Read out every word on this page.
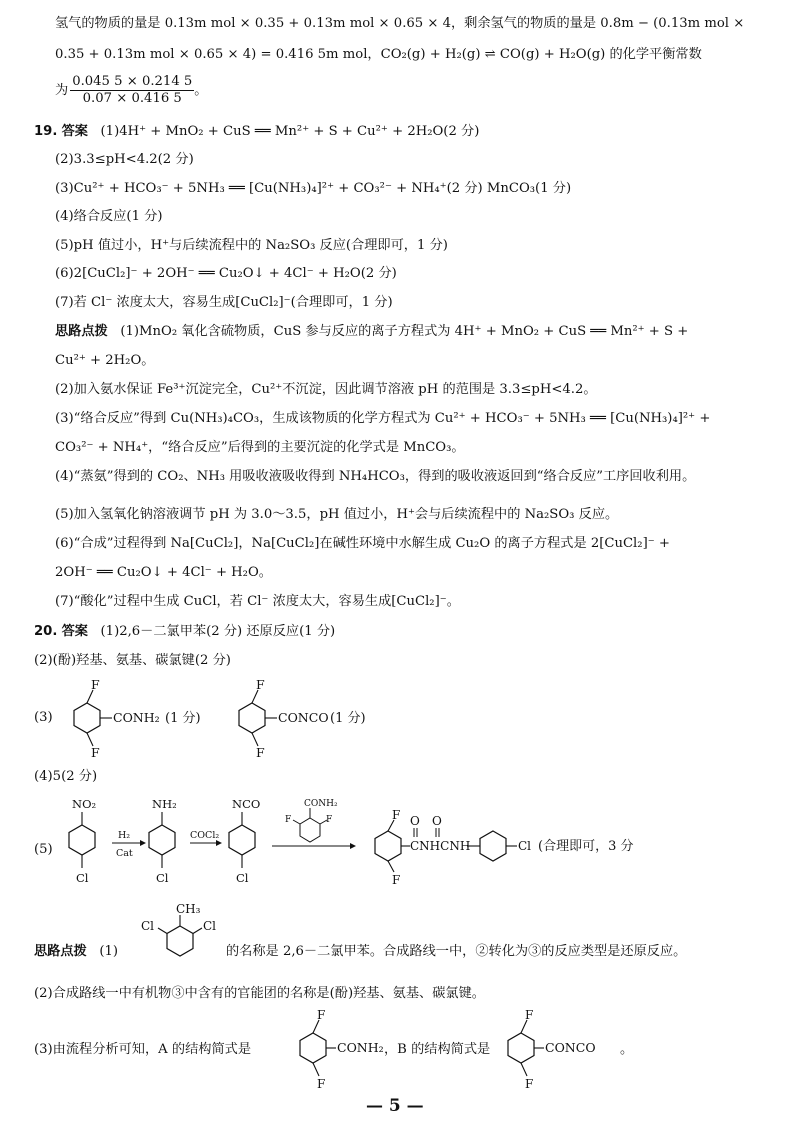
氢气的物质的量是 0.13m mol × 0.35 + 0.13m mol × 0.65 × 4，剩余氢气的物质的量是 0.8m − (0.13m mol ×
0.35 + 0.13m mol × 0.65 × 4) = 0.416 5m mol，CO₂(g) + H₂(g) ⇌ CO(g) + H₂O(g) 的化学平衡常数
为 $\frac{0.045 5 \times 0.214 5}{0.07 \times 0.416 5}$ 。
19. 答案 (1)4H⁺ + MnO₂ + CuS ══ Mn²⁺ + S + Cu²⁺ + 2H₂O(2 分)
(2)3.3≤pH<4.2(2 分)
(3)Cu²⁺ + HCO₃⁻ + 5NH₃ ══ [Cu(NH₃)₄]²⁺ + CO₃²⁻ + NH₄⁺(2 分) MnCO₃(1 分)
(4)络合反应(1 分)
(5)pH 值过小，H⁺与后续流程中的 Na₂SO₃ 反应(合理即可，1 分)
(6)2[CuCl₂]⁻ + 2OH⁻ ══ Cu₂O↓ + 4Cl⁻ + H₂O(2 分)
(7)若 Cl⁻ 浓度太大，容易生成[CuCl₂]⁻(合理即可，1 分)
思路点拨 (1)MnO₂ 氧化含硫物质，CuS 参与反应的离子方程式为 4H⁺ + MnO₂ + CuS ══ Mn²⁺ + S +
Cu²⁺ + 2H₂O。
(2)加入氨水保证 Fe³⁺沉淀完全，Cu²⁺不沉淀，因此调节溶液 pH 的范围是 3.3≤pH<4.2。
(3)“络合反应”得到 Cu(NH₃)₄CO₃，生成该物质的化学方程式为 Cu²⁺ + HCO₃⁻ + 5NH₃ ══ [Cu(NH₃)₄]²⁺ +
CO₃²⁻ + NH₄⁺，“络合反应”后得到的主要沉淀的化学式是 MnCO₃。
(4)“蒸氨”得到的 CO₂、NH₃ 用吸收液吸收得到 NH₄HCO₃，得到的吸收液返回到“络合反应”工序回收利用。
(5)加入氢氧化钠溶液调节 pH 为 3.0～3.5，pH 值过小，H⁺会与后续流程中的 Na₂SO₃ 反应。
(6)“合成”过程得到 Na[CuCl₂]，Na[CuCl₂]在碱性环境中水解生成 Cu₂O 的离子方程式是 2[CuCl₂]⁻ +
2OH⁻ ══ Cu₂O↓ + 4Cl⁻ + H₂O。
(7)“酸化”过程中生成 CuCl，若 Cl⁻ 浓度太大，容易生成[CuCl₂]⁻。
20. 答案 (1)2,6－二氯甲苯(2 分) 还原反应(1 分)
(2)(酚)羟基、氨基、碳氯键(2 分)
(3)
F
F
CONH₂ (1 分)
F
F
CONCO (1 分)
(4)5(2 分)
(5)
NO₂
Cl
H₂
Cat
NH₂
Cl
COCl₂
NCO
Cl
CONH₂
F	F	F
F
CNHCNH
O O
Cl (合理即可，3 分
思路点拨 (1)
CH₃
Cl	Cl
的名称是 2,6－二氯甲苯。合成路线一中，②转化为③的反应类型是还原反应。
(2)合成路线一中有机物③中含有的官能团的名称是(酚)羟基、氨基、碳氯键。
(3)由流程分析可知，A 的结构简式是
F
F
CONH₂
F
F
CONCO
，B 的结构简式是	。
— 5 —
